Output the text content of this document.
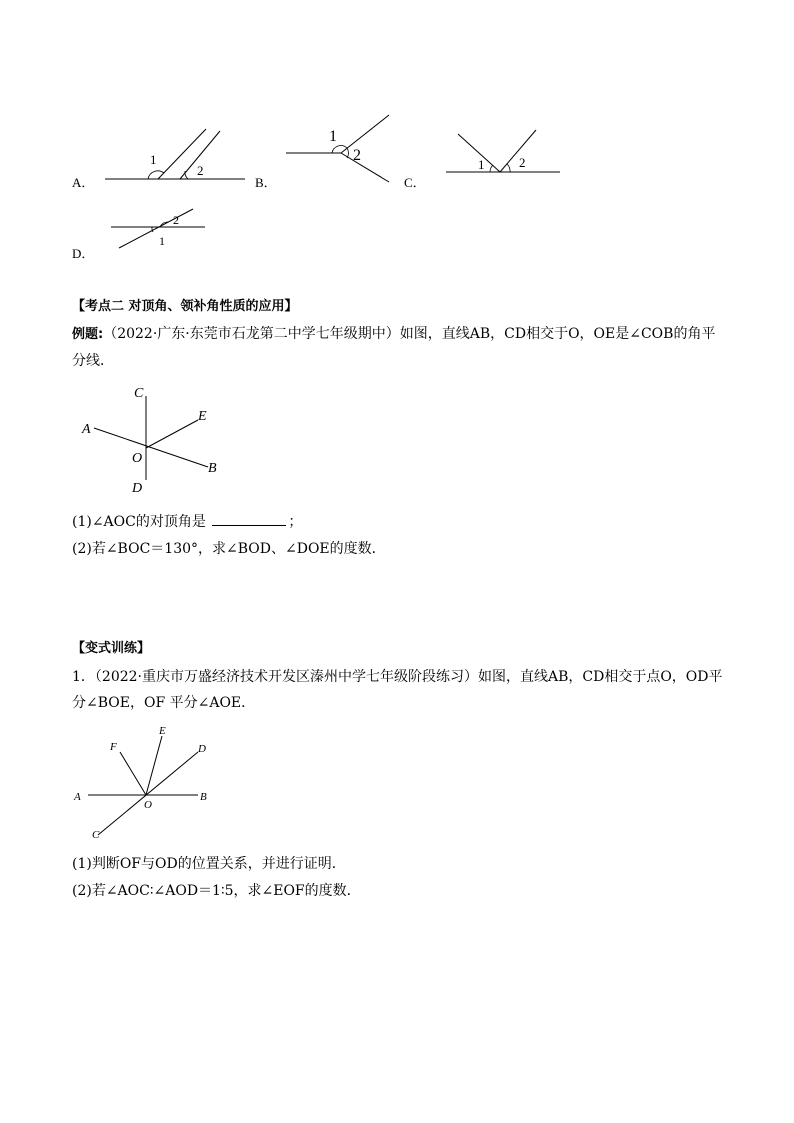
A．
1
2
B．
1
2
C．
1	2
D．
2
1
【考点二 对顶角、领补角性质的应用】
例题:（2022·广东·东莞市石龙第二中学七年级期中）如图，直线AB，CD相交于O，OE是∠COB的角平
分线．
C
A
E
O
B
D
(1)∠AOC的对顶角是	；
(2)若∠BOC＝130°，求∠BOD、∠DOE的度数．
【变式训练】
1．（2022·重庆市万盛经济技术开发区溱州中学七年级阶段练习）如图，直线AB，CD相交于点O，OD平
分∠BOE，OF 平分∠AOE．
A	B
C
D
E
F
O
(1)判断OF与OD的位置关系，并进行证明．
(2)若∠AOC∶∠AOD＝1∶5，求∠EOF的度数．
